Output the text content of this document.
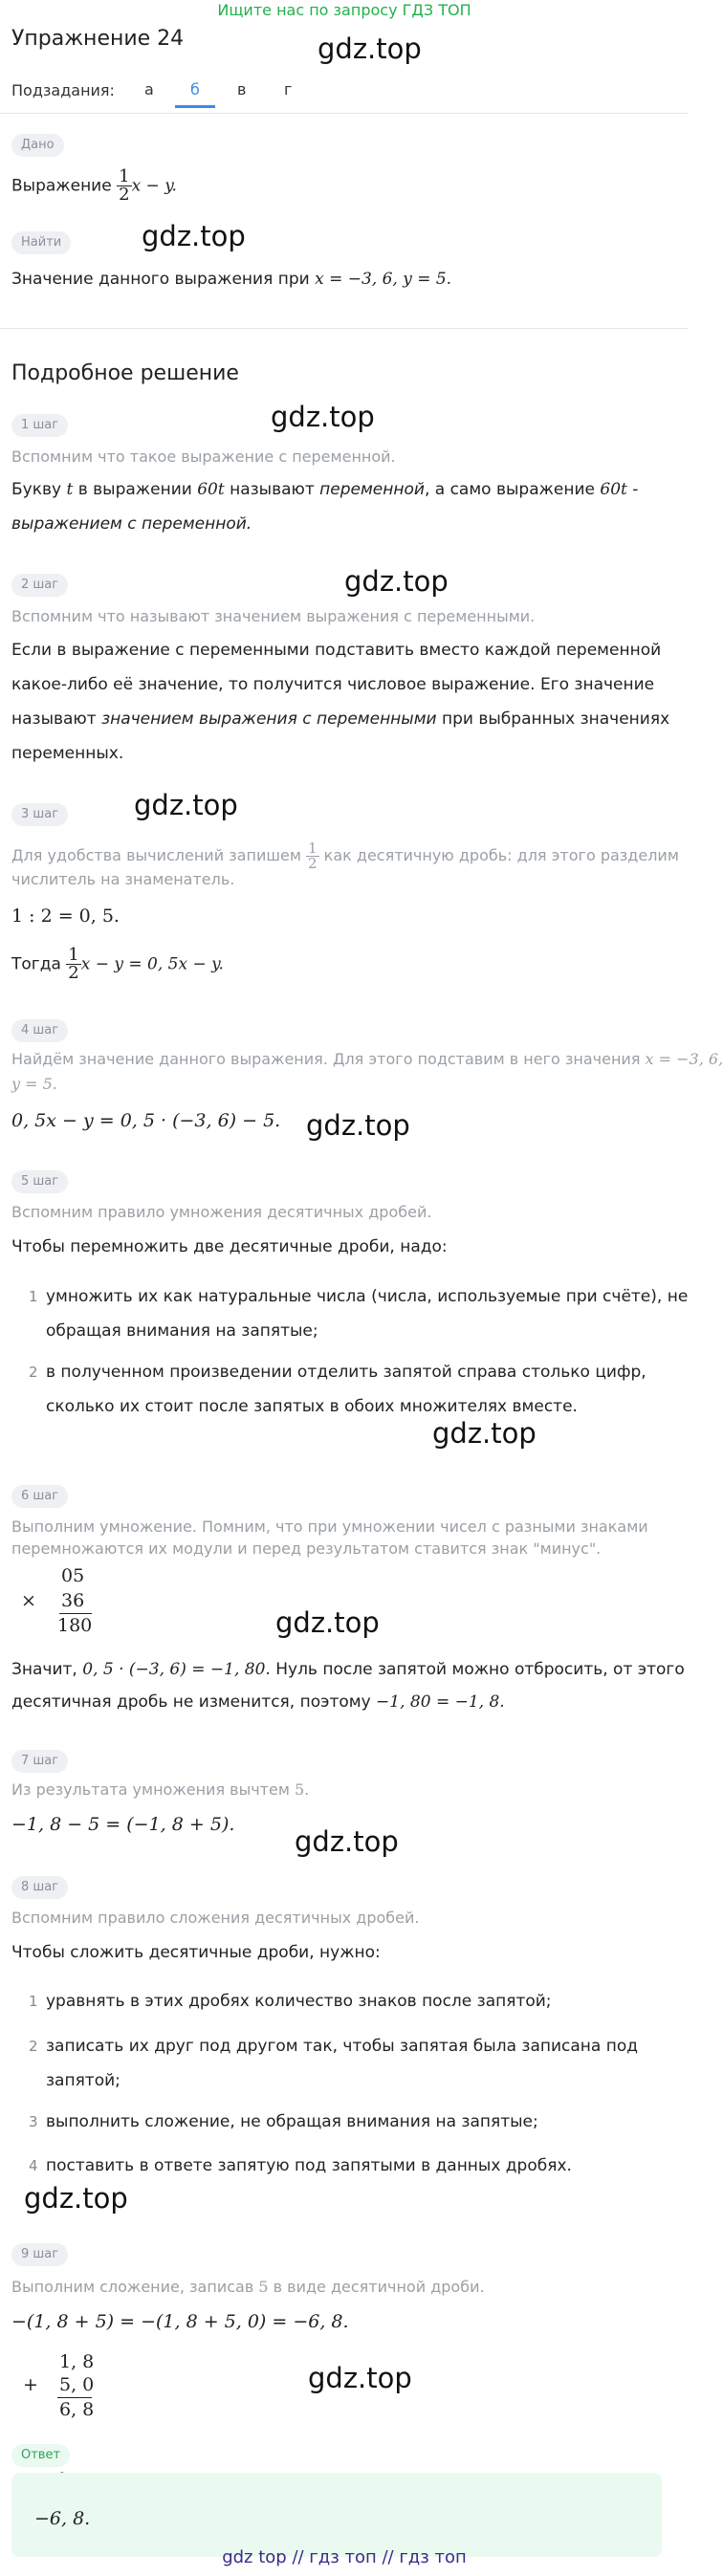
Ищите нас по запросу ГДЗ ТОП
Упражнение 24	gdz.top
gdz.top
gdz.top
gdz.top
gdz.top
gdz.top
gdz.top
gdz.top
gdz.top
gdz.top
gdz.top
Подзадания: а б в г
Дано
Выражение $\frac{1}{2}$ x − y.
Найти
Значение данного выражения при x = −3, 6, y = 5.
Подробное решение
1 шаг
Вспомним что такое выражение с переменной.
Букву t в выражении 60t называют переменной, а само выражение 60t -
выражением с переменной.
2 шаг
Вспомним что называют значением выражения с переменными.
Если в выражение с переменными подставить вместо каждой переменной
какое-либо её значение, то получится числовое выражение. Его значение
называют значением выражения с переменными при выбранных значениях
переменных.
3 шаг
Для удобства вычислений запишем $\frac{1}{2}$ как десятичную дробь: для этого разделим
числитель на знаменатель.
1 : 2 = 0, 5.
Тогда $\frac{1}{2}$ x − y = 0, 5x − y.
4 шаг
Найдём значение данного выражения. Для этого подставим в него значения x = −3, 6,
y = 5.
0, 5x − y = 0, 5 · (−3, 6) − 5.
5 шаг
Вспомним правило умножения десятичных дробей.
Чтобы перемножить две десятичные дроби, надо:
1 умножить их как натуральные числа (числа, используемые при счёте), не
обращая внимания на запятые;
2 в полученном произведении отделить запятой справа столько цифр,
сколько их стоит после запятых в обоих множителях вместе.
6 шаг
Выполним умножение. Помним, что при умножении чисел с разными знаками
перемножаются их модули и перед результатом ставится знак "минус".
×
05
36
180
Значит, 0, 5 · (−3, 6) = −1, 80. Нуль после запятой можно отбросить, от этого
десятичная дробь не изменится, поэтому −1, 80 = −1, 8.
7 шаг
Из результата умножения вычтем 5.
−1, 8 − 5 = (−1, 8 + 5).
8 шаг
Вспомним правило сложения десятичных дробей.
Чтобы сложить десятичные дроби, нужно:
1 уравнять в этих дробях количество знаков после запятой;
2 записать их друг под другом так, чтобы запятая была записана под
запятой;
3 выполнить сложение, не обращая внимания на запятые;
4 поставить в ответе запятую под запятыми в данных дробях.
9 шаг
Выполним сложение, записав 5 в виде десятичной дроби.
−(1, 8 + 5) = −(1, 8 + 5, 0) = −6, 8.
+
1, 8
5, 0
6, 8
Ответ
−6, 8.
gdz top // гдз топ // гдз топ
